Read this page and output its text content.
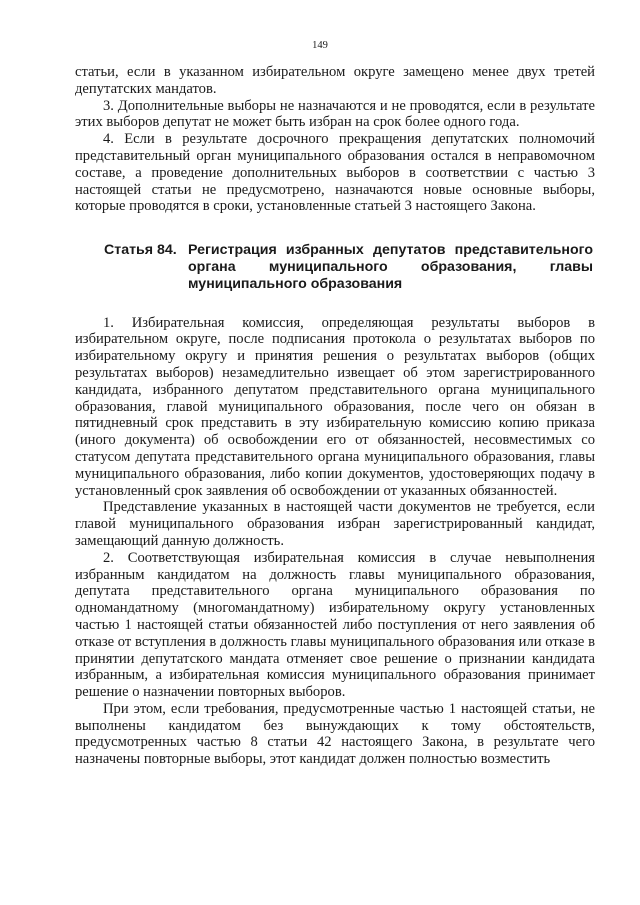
149

статьи, если в указанном избирательном округе замещено менее двух третей депутатских мандатов.

3. Дополнительные выборы не назначаются и не проводятся, если в результате этих выборов депутат не может быть избран на срок более одного года.

4. Если в результате досрочного прекращения депутатских полномочий представительный орган муниципального образования остался в неправомочном составе, а проведение дополнительных выборов в соответствии с частью 3 настоящей статьи не предусмотрено, назначаются новые основные выборы, которые проводятся в сроки, установленные статьей 3 настоящего Закона.

Статья 84. Регистрация избранных депутатов представительного органа муниципального образования, главы муниципального образования

1. Избирательная комиссия, определяющая результаты выборов в избирательном округе, после подписания протокола о результатах выборов по избирательному округу и принятия решения о результатах выборов (общих результатах выборов) незамедлительно извещает об этом зарегистрированного кандидата, избранного депутатом представительного органа муниципального образования, главой муниципального образования, после чего он обязан в пятидневный срок представить в эту избирательную комиссию копию приказа (иного документа) об освобождении его от обязанностей, несовместимых со статусом депутата представительного органа муниципального образования, главы муниципального образования, либо копии документов, удостоверяющих подачу в установленный срок заявления об освобождении от указанных обязанностей.

Представление указанных в настоящей части документов не требуется, если главой муниципального образования избран зарегистрированный кандидат, замещающий данную должность.

2. Соответствующая избирательная комиссия в случае невыполнения избранным кандидатом на должность главы муниципального образования, депутата представительного органа муниципального образования по одномандатному (многомандатному) избирательному округу установленных частью 1 настоящей статьи обязанностей либо поступления от него заявления об отказе от вступления в должность главы муниципального образования или отказе в принятии депутатского мандата отменяет свое решение о признании кандидата избранным, а избирательная комиссия муниципального образования принимает решение о назначении повторных выборов.

При этом, если требования, предусмотренные частью 1 настоящей статьи, не выполнены кандидатом без вынуждающих к тому обстоятельств, предусмотренных частью 8 статьи 42 настоящего Закона, в результате чего назначены повторные выборы, этот кандидат должен полностью возместить
